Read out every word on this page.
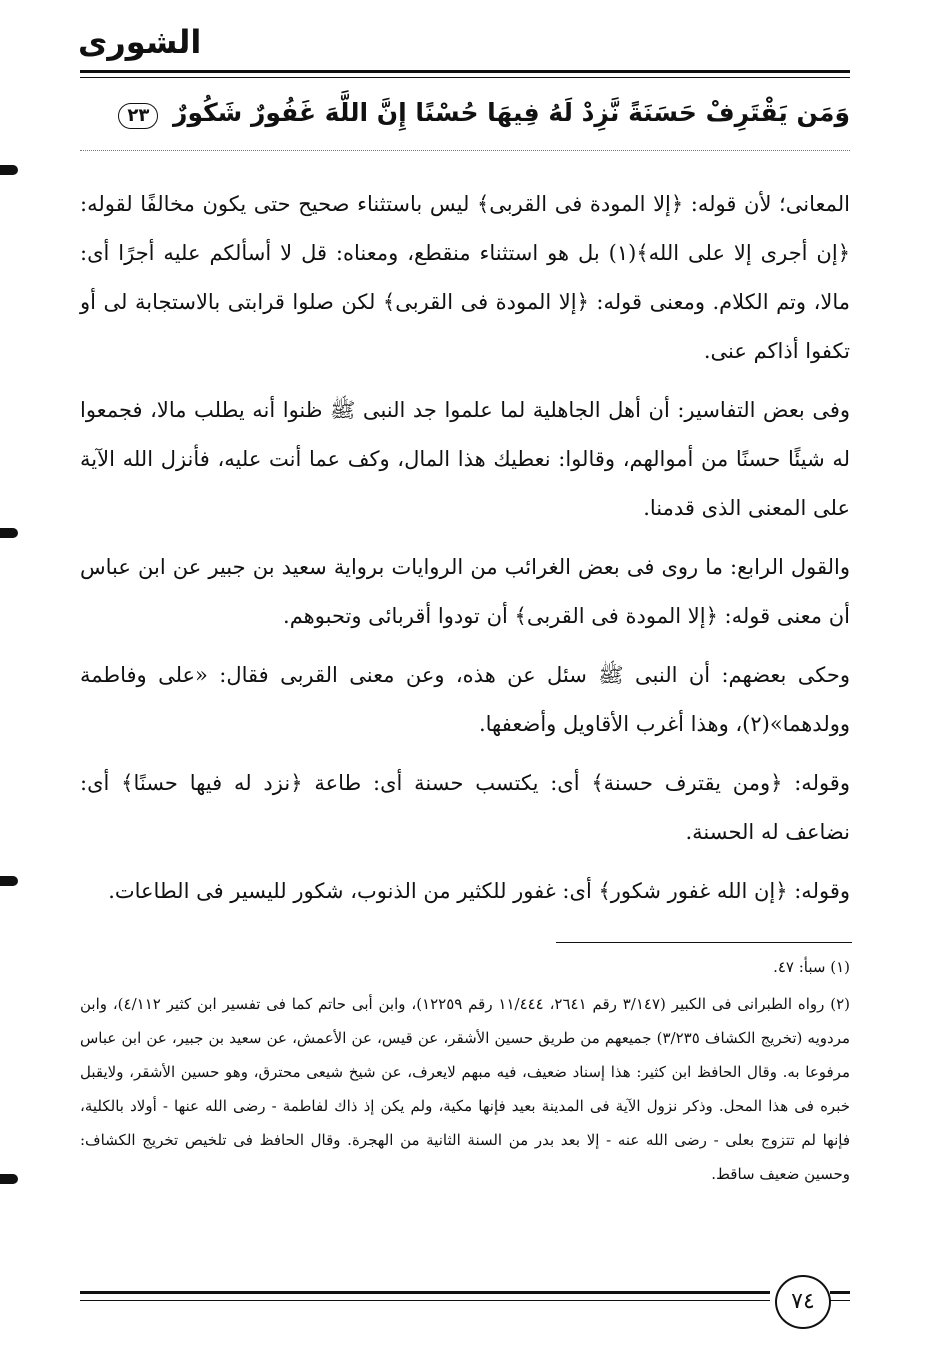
الشورى
وَمَن يَقْتَرِفْ حَسَنَةً نَّزِدْ لَهُ فِيهَا حُسْنًا إِنَّ اللَّهَ غَفُورٌ شَكُورٌ ٢٣

المعانى؛ لأن قوله: ﴿إلا المودة فى القربى﴾ ليس باستثناء صحيح حتى يكون مخالفًا لقوله: ﴿إن أجرى إلا على الله﴾(١) بل هو استثناء منقطع، ومعناه: قل لا أسألكم عليه أجرًا أى: مالا، وتم الكلام. ومعنى قوله: ﴿إلا المودة فى القربى﴾ لكن صلوا قرابتى بالاستجابة لى أو تكفوا أذاكم عنى.

وفى بعض التفاسير: أن أهل الجاهلية لما علموا جد النبى ﷺ ظنوا أنه يطلب مالا، فجمعوا له شيئًا حسنًا من أموالهم، وقالوا: نعطيك هذا المال، وكف عما أنت عليه، فأنزل الله الآية على المعنى الذى قدمنا.

والقول الرابع: ما روى فى بعض الغرائب من الروايات برواية سعيد بن جبير عن ابن عباس أن معنى قوله: ﴿إلا المودة فى القربى﴾ أن تودوا أقربائى وتحبوهم.

وحكى بعضهم: أن النبى ﷺ سئل عن هذه، وعن معنى القربى فقال: «على وفاطمة وولدهما»(٢)، وهذا أغرب الأقاويل وأضعفها.

وقوله: ﴿ومن يقترف حسنة﴾ أى: يكتسب حسنة أى: طاعة ﴿نزد له فيها حسنًا﴾ أى: نضاعف له الحسنة.

وقوله: ﴿إن الله غفور شكور﴾ أى: غفور للكثير من الذنوب، شكور لليسير فى الطاعات.

(١) سبأ: ٤٧.

(٢) رواه الطبرانى فى الكبير (٣/١٤٧ رقم ٢٦٤١، ١١/٤٤٤ رقم ١٢٢٥٩)، وابن أبى حاتم كما فى تفسير ابن كثير ٤/١١٢)، وابن مردويه (تخريج الكشاف ٣/٢٣٥) جميعهم من طريق حسين الأشقر، عن قيس، عن الأعمش، عن سعيد بن جبير، عن ابن عباس مرفوعا به. وقال الحافظ ابن كثير: هذا إسناد ضعيف، فيه مبهم لايعرف، عن شيخ شيعى محترق، وهو حسين الأشقر، ولايقبل خبره فى هذا المحل. وذكر نزول الآية فى المدينة بعيد فإنها مكية، ولم يكن إذ ذاك لفاطمة - رضى الله عنها - أولاد بالكلية، فإنها لم تتزوج بعلى - رضى الله عنه - إلا بعد بدر من السنة الثانية من الهجرة. وقال الحافظ فى تلخيص تخريج الكشاف: وحسين ضعيف ساقط.

٧٤
